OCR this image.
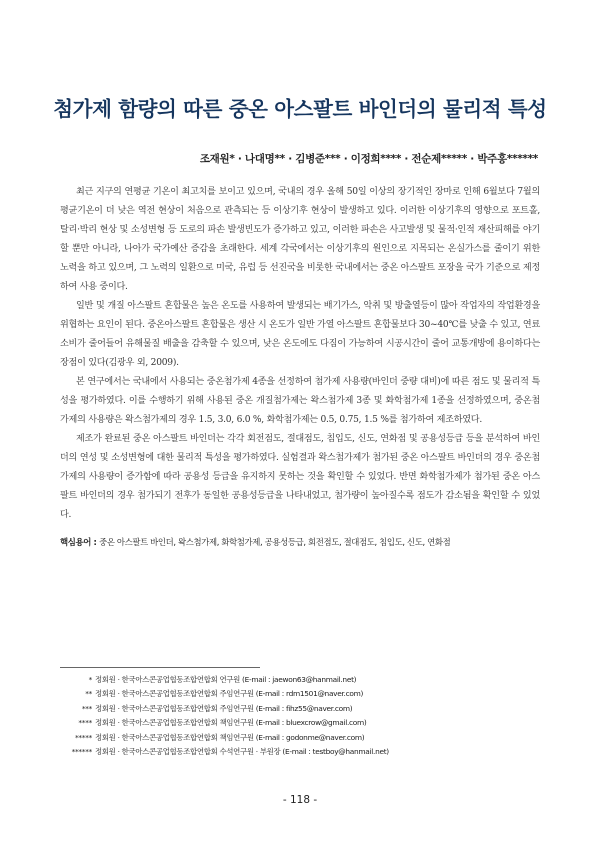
첨가제 함량의 따른 중온 아스팔트 바인더의 물리적 특성
조재원* · 나대명** · 김병준*** · 이정희**** · 전순제***** · 박주홍******

최근 지구의 연평균 기온이 최고치를 보이고 있으며, 국내의 경우 올해 50일 이상의 장기적인 장마로 인해 6월보다 7월의 평균기온이 더 낮은 역전 현상이 처음으로 관측되는 등 이상기후 현상이 발생하고 있다. 이러한 이상기후의 영향으로 포트홀, 탈리·박리 현상 및 소성변형 등 도로의 파손 발생빈도가 증가하고 있고, 이러한 파손은 사고발생 및 물적·인적 재산피해를 야기할 뿐만 아니라, 나아가 국가예산 증감을 초래한다. 세계 각국에서는 이상기후의 원인으로 지목되는 온실가스를 줄이기 위한 노력을 하고 있으며, 그 노력의 일환으로 미국, 유럽 등 선진국을 비롯한 국내에서는 중온 아스팔트 포장을 국가 기준으로 제정하여 사용 중이다.

일반 및 개질 아스팔트 혼합물은 높은 온도를 사용하여 발생되는 배기가스, 악취 및 방출열등이 많아 작업자의 작업환경을 위협하는 요인이 된다. 중온아스팔트 혼합물은 생산 시 온도가 일반 가열 아스팔트 혼합물보다 30~40℃를 낮출 수 있고, 연료 소비가 줄어들어 유해물질 배출을 감축할 수 있으며, 낮은 온도에도 다짐이 가능하여 시공시간이 줄어 교통개방에 용이하다는 장점이 있다(김광우 외, 2009).

본 연구에서는 국내에서 사용되는 중온첨가제 4종을 선정하여 첨가제 사용량(바인더 중량 대비)에 따른 점도 및 물리적 특성을 평가하였다. 이를 수행하기 위해 사용된 중온 개질첨가제는 왁스첨가제 3종 및 화학첨가제 1종을 선정하였으며, 중온첨가제의 사용량은 왁스첨가제의 경우 1.5, 3.0, 6.0 %, 화학첨가제는 0.5, 0.75, 1.5 %를 첨가하여 제조하였다.

제조가 완료된 중온 아스팔트 바인더는 각각 회전점도, 절대점도, 침입도, 신도, 연화점 및 공용성등급 등을 분석하여 바인더의 연성 및 소성변형에 대한 물리적 특성을 평가하였다. 실험결과 왁스첨가제가 첨가된 중온 아스팔트 바인더의 경우 중온첨가제의 사용량이 증가함에 따라 공용성 등급을 유지하지 못하는 것을 확인할 수 있었다. 반면 화학첨가제가 첨가된 중온 아스팔트 바인더의 경우 첨가되기 전후가 동일한 공용성등급을 나타내었고, 첨가량이 높아질수록 점도가 감소됨을 확인할 수 있었다.

핵심용어 : 중온 아스팔트 바인더, 왁스첨가제, 화학첨가제, 공용성등급, 회전점도, 절대점도, 침입도, 신도, 연화점
* 정회원 · 한국아스콘공업협동조합연합회 연구원 (E-mail : jaewon63@hanmail.net)
** 정회원 · 한국아스콘공업협동조합연합회 주임연구원 (E-mail : rdm1501@naver.com)
*** 정회원 · 한국아스콘공업협동조합연합회 주임연구원 (E-mail : fihz55@naver.com)
**** 정회원 · 한국아스콘공업협동조합연합회 책임연구원 (E-mail : bluexcrow@gmail.com)
***** 정회원 · 한국아스콘공업협동조합연합회 책임연구원 (E-mail : godonme@naver.com)
****** 정회원 · 한국아스콘공업협동조합연합회 수석연구원 · 부원장 (E-mail : testboy@hanmail.net)
- 118 -
